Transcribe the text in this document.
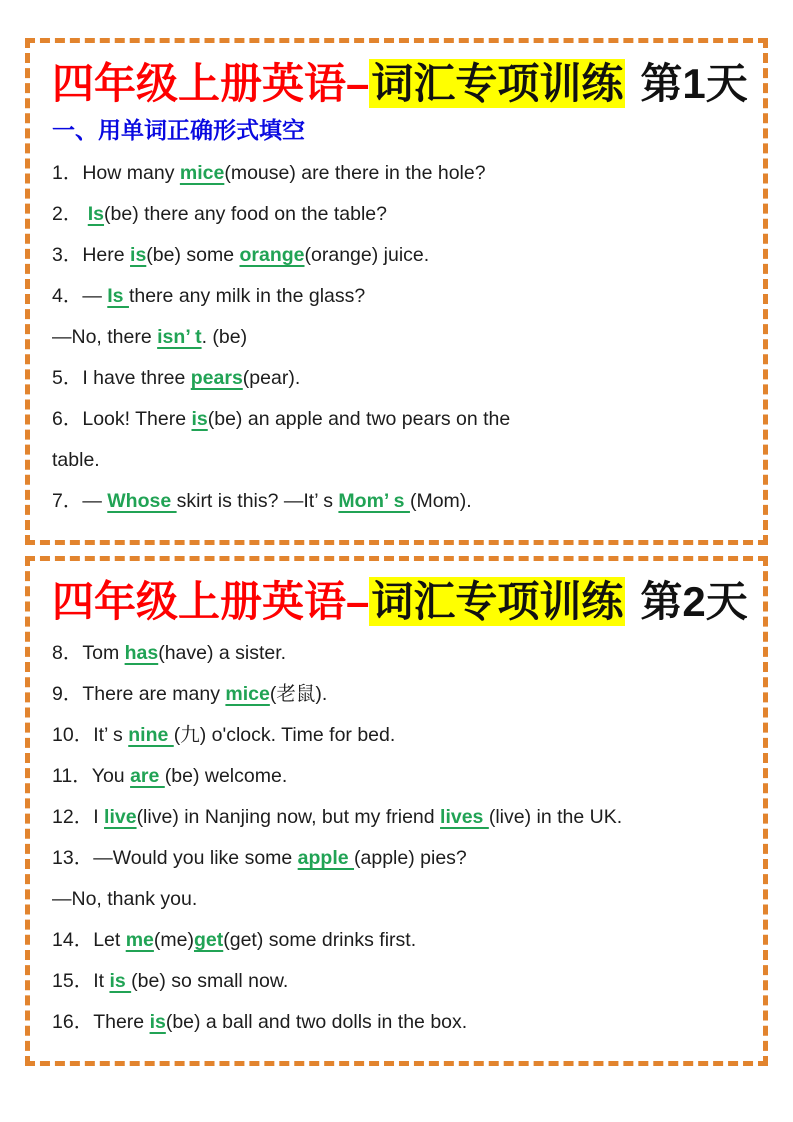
四年级上册英语–词汇专项训练 第1天
一、用单词正确形式填空

1．How many mice(mouse) are there in the hole?

2． Is(be) there any food on the table?

3．Here is(be) some orange(orange) juice.

4．— Is there any milk in the glass?

—No, there isn’ t. (be)

5．I have three pears(pear).

6．Look! There is(be) an apple and two pears on the

table.

7．— Whose skirt is this? —It’ s Mom’ s (Mom).

四年级上册英语–词汇专项训练 第2天

8．Tom has(have) a sister.

9．There are many mice(老鼠).

10．It’ s nine (九) o'clock. Time for bed.

11．You are (be) welcome.

12．I live(live) in Nanjing now, but my friend lives (live) in the UK.

13．—Would you like some apple (apple) pies?

—No, thank you.

14．Let me(me)get(get) some drinks first.

15．It is (be) so small now.

16．There is(be) a ball and two dolls in the box.
